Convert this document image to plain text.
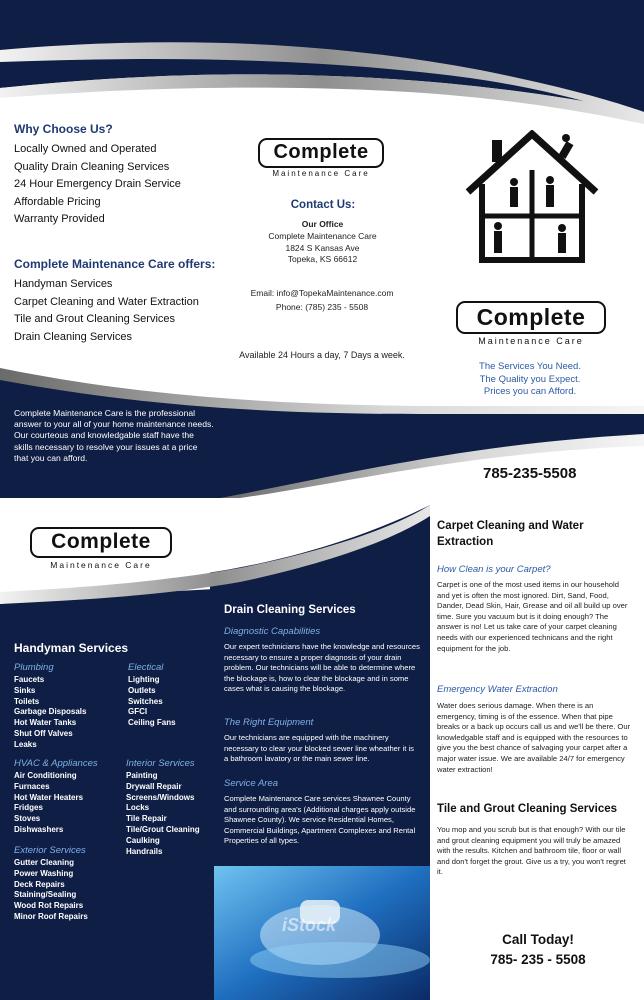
Why Choose Us?
Locally Owned and Operated
Quality Drain Cleaning Services
24 Hour Emergency Drain Service
Affordable Pricing
Warranty Provided
Complete Maintenance Care offers:
Handyman Services
Carpet Cleaning and Water Extraction
Tile and Grout Cleaning Services
Drain Cleaning Services
Complete
Maintenance Care
Contact Us:
Our Office
Complete Maintenance Care
1824 S Kansas Ave
Topeka, KS 66612
Email: info@TopekaMaintenance.com
Phone: (785) 235 - 5508
Available 24 Hours a day, 7 Days a week.
Complete
Maintenance Care
The Services You Need.
The Quality you Expect.
Prices you can Afford.
Complete Maintenance Care is the professional answer to your all of your home maintenance needs. Our courteous and knowledgable staff have the skills necessary to resolve your issues at a price that you can afford.
785-235-5508
Complete
Maintenance Care
Handyman Services
Plumbing
Faucets
Sinks
Toilets
Garbage Disposals
Hot Water Tanks
Shut Off Valves
Leaks
Electical
Lighting
Outlets
Switches
GFCI
Ceiling Fans
HVAC & Appliances
Air Conditioning
Furnaces
Hot Water Heaters
Fridges
Stoves
Dishwashers
Interior Services
Painting
Drywall Repair
Screens/Windows
Locks
Tile Repair
Tile/Grout Cleaning
Caulking
Handrails
Exterior Services
Gutter Cleaning
Power Washing
Deck Repairs
Staining/Sealing
Wood Rot Repairs
Minor Roof Repairs
Drain Cleaning Services
Diagnostic Capabilities
Our expert technicians have the knowledge and resources necessary to ensure a proper diagnosis of your drain problem. Our technicians will be able to determine where the blockage is, how to clear the blockage and in some cases what is causing the blockage.
The Right Equipment
Our technicians are equipped with the machinery necessary to clear your blocked sewer line wheather it is a bathroom lavatory or the main sewer line.
Service Area
Complete Maintenance Care services Shawnee County and surrounding area's (Additional charges apply outside Shawnee County). We service Residential Homes, Commercial Buildings, Apartment Complexes and Rental Properties of all types.
iStock
Carpet Cleaning and Water Extraction
How Clean is your Carpet?
Carpet is one of the most used items in our household and yet is often the most ignored. Dirt, Sand, Food, Dander, Dead Skin, Hair, Grease and oil all build up over time. Sure you vacuum but is it doing enough? The answer is no! Let us take care of your carpet cleaning needs with our experienced technicans and the right equipment for the job.
Emergency Water Extraction
Water does serious damage. When there is an emergency, timing is of the essence. When that pipe breaks or a back up occurs call us and we'll be there. Our knowledgable staff and is equipped with the resources to give you the best chance of salvaging your carpet after a major water issue. We are available 24/7 for emergency water extraction!
Tile and Grout Cleaning Services
You mop and you scrub but is that enough? With our tile and grout cleaning equipment you will truly be amazed with the results. Kitchen and bathroom tile, floor or wall and don't forget the grout. Give us a try, you won't regret it.
Call Today!
785- 235 - 5508
